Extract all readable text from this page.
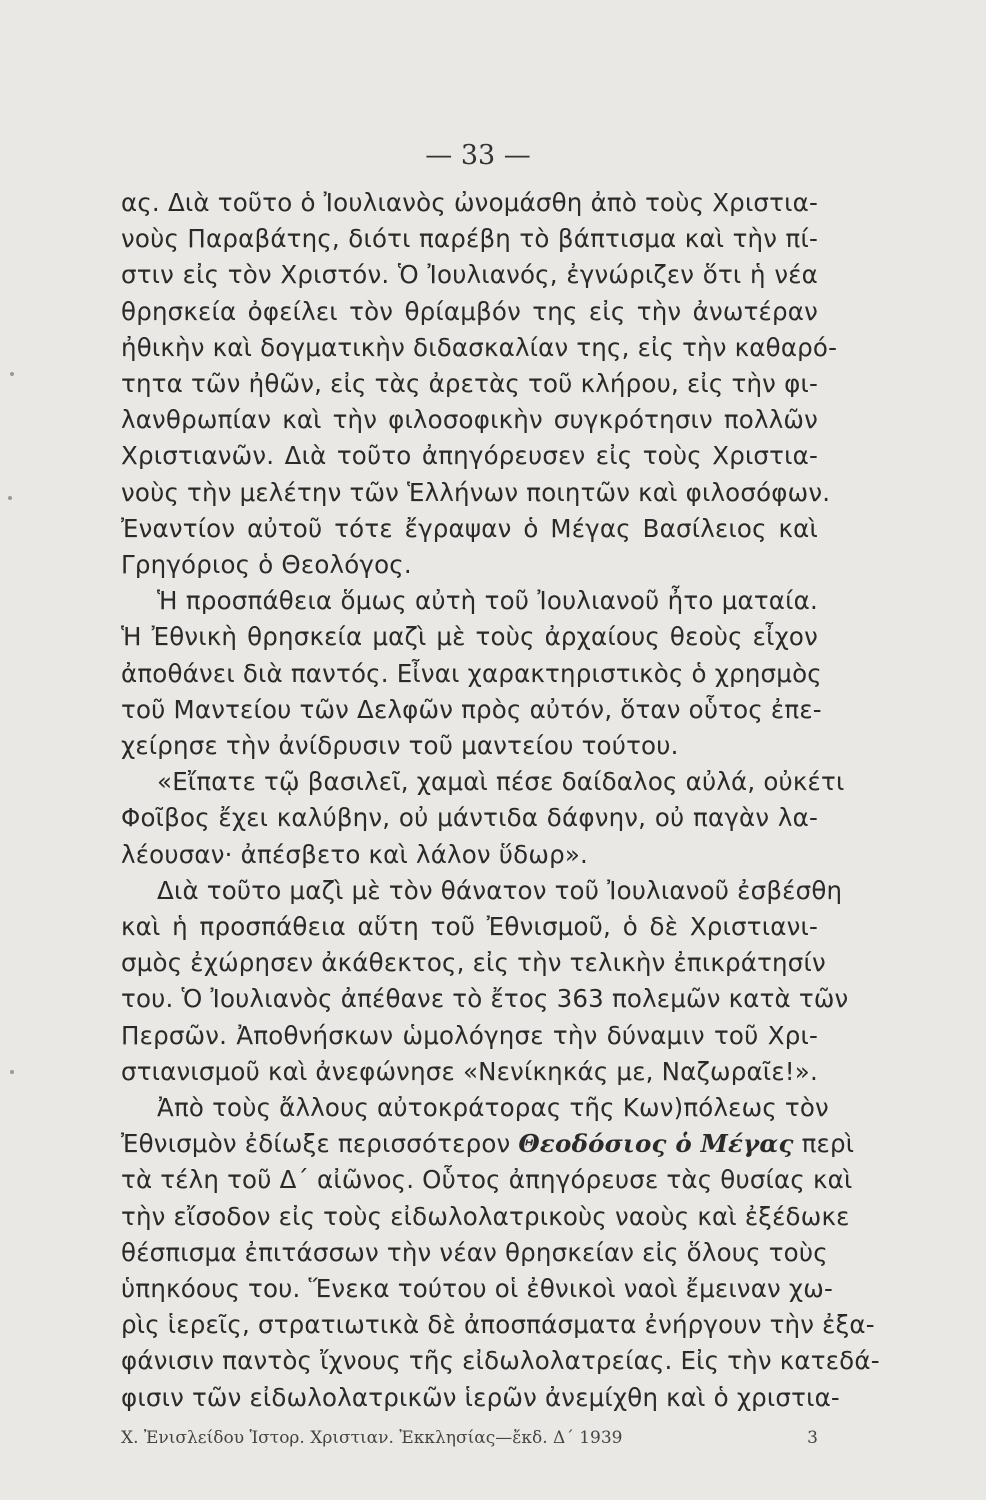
— 33 —
ας. Διὰ τοῦτο ὁ Ἰουλιανὸς ὠνομάσθη ἀπὸ τοὺς Χριστια-
νοὺς Παραβάτης, διότι παρέβη τὸ βάπτισμα καὶ τὴν πί-
στιν εἰς τὸν Χριστόν. Ὁ Ἰουλιανός, ἐγνώριζεν ὅτι ἡ νέα
θρησκεία ὀφείλει τὸν θρίαμβόν της εἰς τὴν ἀνωτέραν
ἠθικὴν καὶ δογματικὴν διδασκαλίαν της, εἰς τὴν καθαρό-
τητα τῶν ἠθῶν, εἰς τὰς ἀρετὰς τοῦ κλήρου, εἰς τὴν φι-
λανθρωπίαν καὶ τὴν φιλοσοφικὴν συγκρότησιν πολλῶν
Χριστιανῶν. Διὰ τοῦτο ἀπηγόρευσεν εἰς τοὺς Χριστια-
νοὺς τὴν μελέτην τῶν Ἑλλήνων ποιητῶν καὶ φιλοσόφων.
Ἐναντίον αὐτοῦ τότε ἔγραψαν ὁ Μέγας Βασίλειος καὶ
Γρηγόριος ὁ Θεολόγος.
Ἡ προσπάθεια ὅμως αὐτὴ τοῦ Ἰουλιανοῦ ἦτο ματαία.
Ἡ Ἐθνικὴ θρησκεία μαζὶ μὲ τοὺς ἀρχαίους θεοὺς εἶχον
ἀποθάνει διὰ παντός. Εἶναι χαρακτηριστικὸς ὁ χρησμὸς
τοῦ Μαντείου τῶν Δελφῶν πρὸς αὐτόν, ὅταν οὗτος ἐπε-
χείρησε τὴν ἀνίδρυσιν τοῦ μαντείου τούτου.
«Εἴπατε τῷ βασιλεῖ, χαμαὶ πέσε δαίδαλος αὐλά, οὐκέτι
Φοῖβος ἔχει καλύβην, οὐ μάντιδα δάφνην, οὐ παγὰν λα-
λέουσαν· ἀπέσβετο καὶ λάλον ὕδωρ».
Διὰ τοῦτο μαζὶ μὲ τὸν θάνατον τοῦ Ἰουλιανοῦ ἐσβέσθη
καὶ ἡ προσπάθεια αὕτη τοῦ Ἐθνισμοῦ, ὁ δὲ Χριστιανι-
σμὸς ἐχώρησεν ἀκάθεκτος, εἰς τὴν τελικὴν ἐπικράτησίν
του. Ὁ Ἰουλιανὸς ἀπέθανε τὸ ἔτος 363 πολεμῶν κατὰ τῶν
Περσῶν. Ἀποθνήσκων ὡμολόγησε τὴν δύναμιν τοῦ Χρι-
στιανισμοῦ καὶ ἀνεφώνησε «Νενίκηκάς με, Ναζωραῖε!».
Ἀπὸ τοὺς ἄλλους αὐτοκράτορας τῆς Κων)πόλεως τὸν
Ἐθνισμὸν ἐδίωξε περισσότερον Θεοδόσιος ὁ Μέγας περὶ
τὰ τέλη τοῦ Δ΄ αἰῶνος. Οὗτος ἀπηγόρευσε τὰς θυσίας καὶ
τὴν εἴσοδον εἰς τοὺς εἰδωλολατρικοὺς ναοὺς καὶ ἐξέδωκε
θέσπισμα ἐπιτάσσων τὴν νέαν θρησκείαν εἰς ὅλους τοὺς
ὑπηκόους του. Ἕνεκα τούτου οἱ ἐθνικοὶ ναοὶ ἔμειναν χω-
ρὶς ἱερεῖς, στρατιωτικὰ δὲ ἀποσπάσματα ἐνήργουν τὴν ἐξα-
φάνισιν παντὸς ἴχνους τῆς εἰδωλολατρείας. Εἰς τὴν κατεδά-
φισιν τῶν εἰδωλολατρικῶν ἱερῶν ἀνεμίχθη καὶ ὁ χριστια-
Χ. Ἐνισλείδου Ἱστορ. Χριστιαν. Ἐκκλησίας—ἔκδ. Δ΄ 1939	3
